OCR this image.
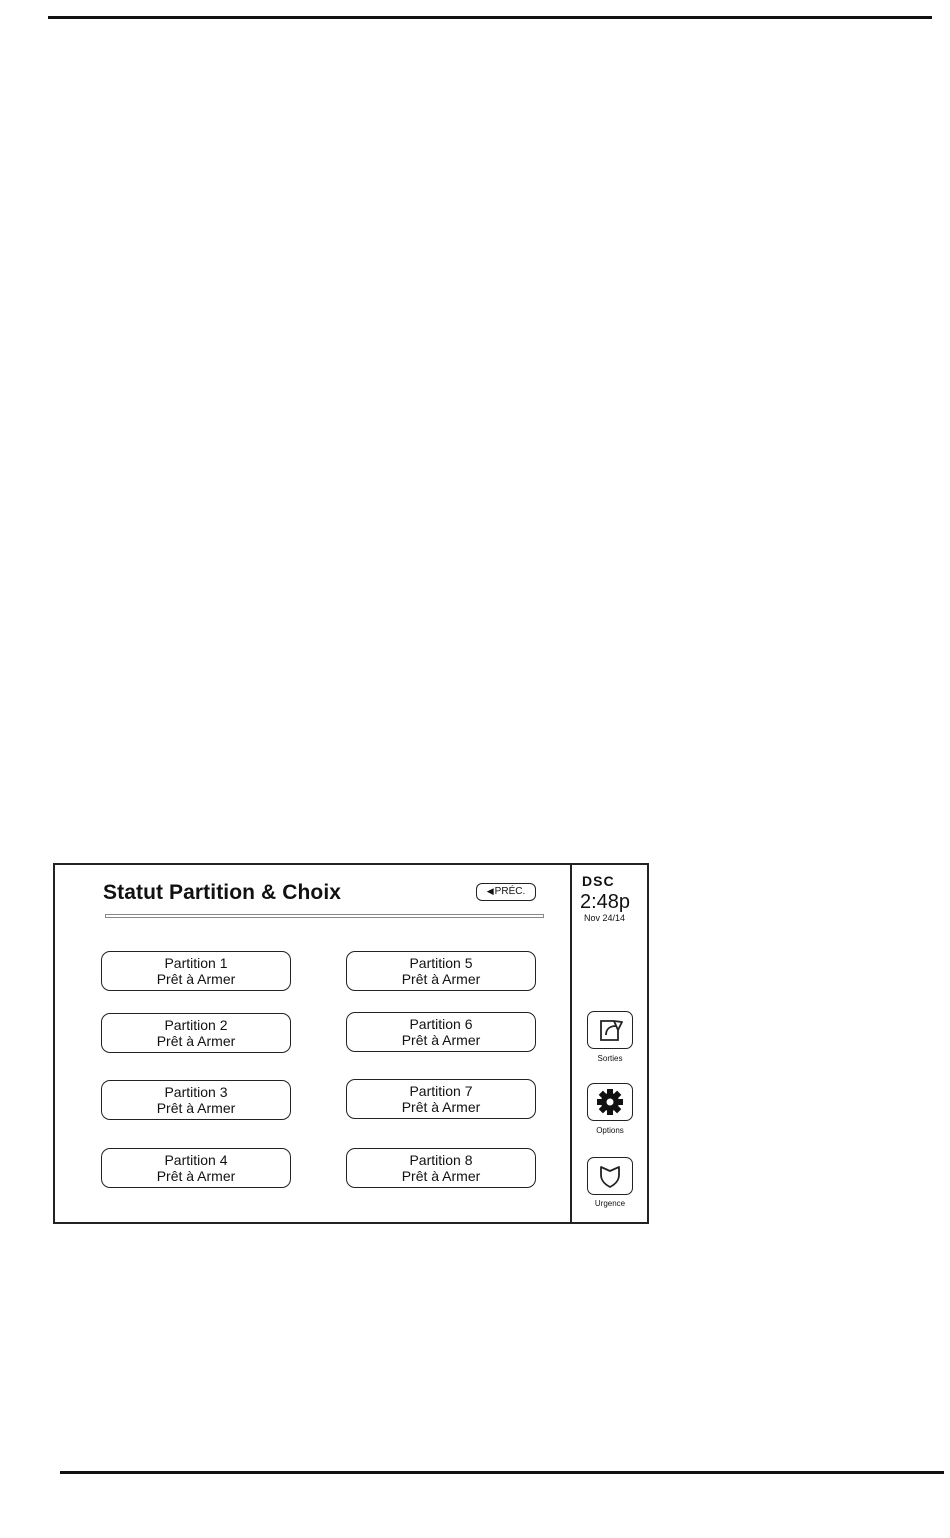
Statut Partition & Choix	◀PRÉC.
Partition 1
Prêt à Armer
Partition 2
Prêt à Armer
Partition 3
Prêt à Armer
Partition 4
Prêt à Armer
Partition 5
Prêt à Armer
Partition 6
Prêt à Armer
Partition 7
Prêt à Armer
Partition 8
Prêt à Armer
DSC
2:48p
Nov 24/14
Sorties
Options
Urgence
